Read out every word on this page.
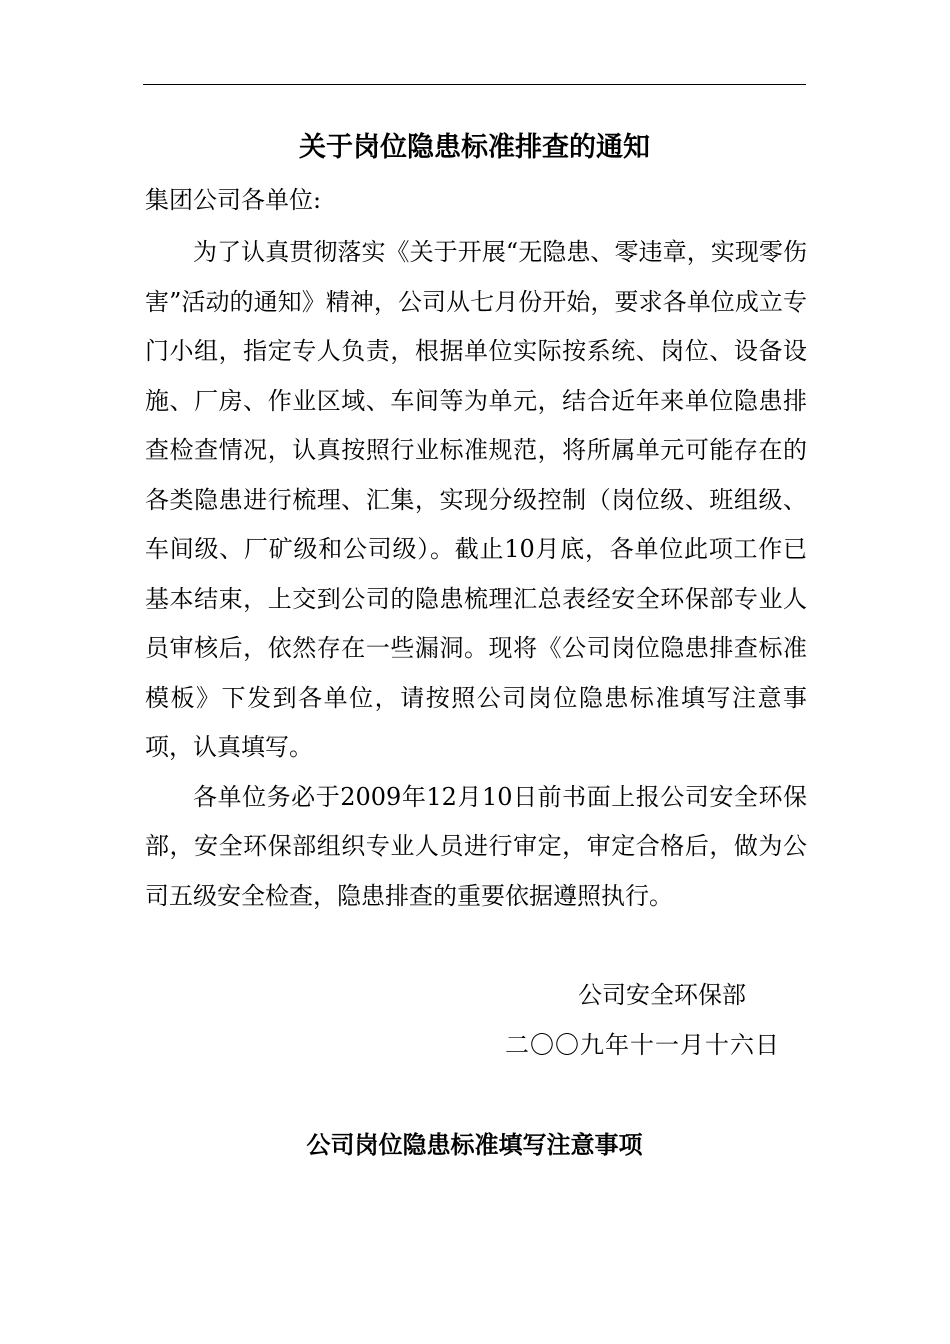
关于岗位隐患标准排查的通知
集团公司各单位:

为了认真贯彻落实《关于开展“无隐患、零违章，实现零伤害”活动的通知》精神，公司从七月份开始，要求各单位成立专门小组，指定专人负责，根据单位实际按系统、岗位、设备设施、厂房、作业区域、车间等为单元，结合近年来单位隐患排查检查情况，认真按照行业标准规范，将所属单元可能存在的各类隐患进行梳理、汇集，实现分级控制（岗位级、班组级、车间级、厂矿级和公司级）。截止10月底，各单位此项工作已基本结束，上交到公司的隐患梳理汇总表经安全环保部专业人员审核后，依然存在一些漏洞。现将《公司岗位隐患排查标准模板》下发到各单位，请按照公司岗位隐患标准填写注意事项，认真填写。

各单位务必于2009年12月10日前书面上报公司安全环保部，安全环保部组织专业人员进行审定，审定合格后，做为公司五级安全检查，隐患排查的重要依据遵照执行。

公司安全环保部
二〇〇九年十一月十六日
公司岗位隐患标准填写注意事项
